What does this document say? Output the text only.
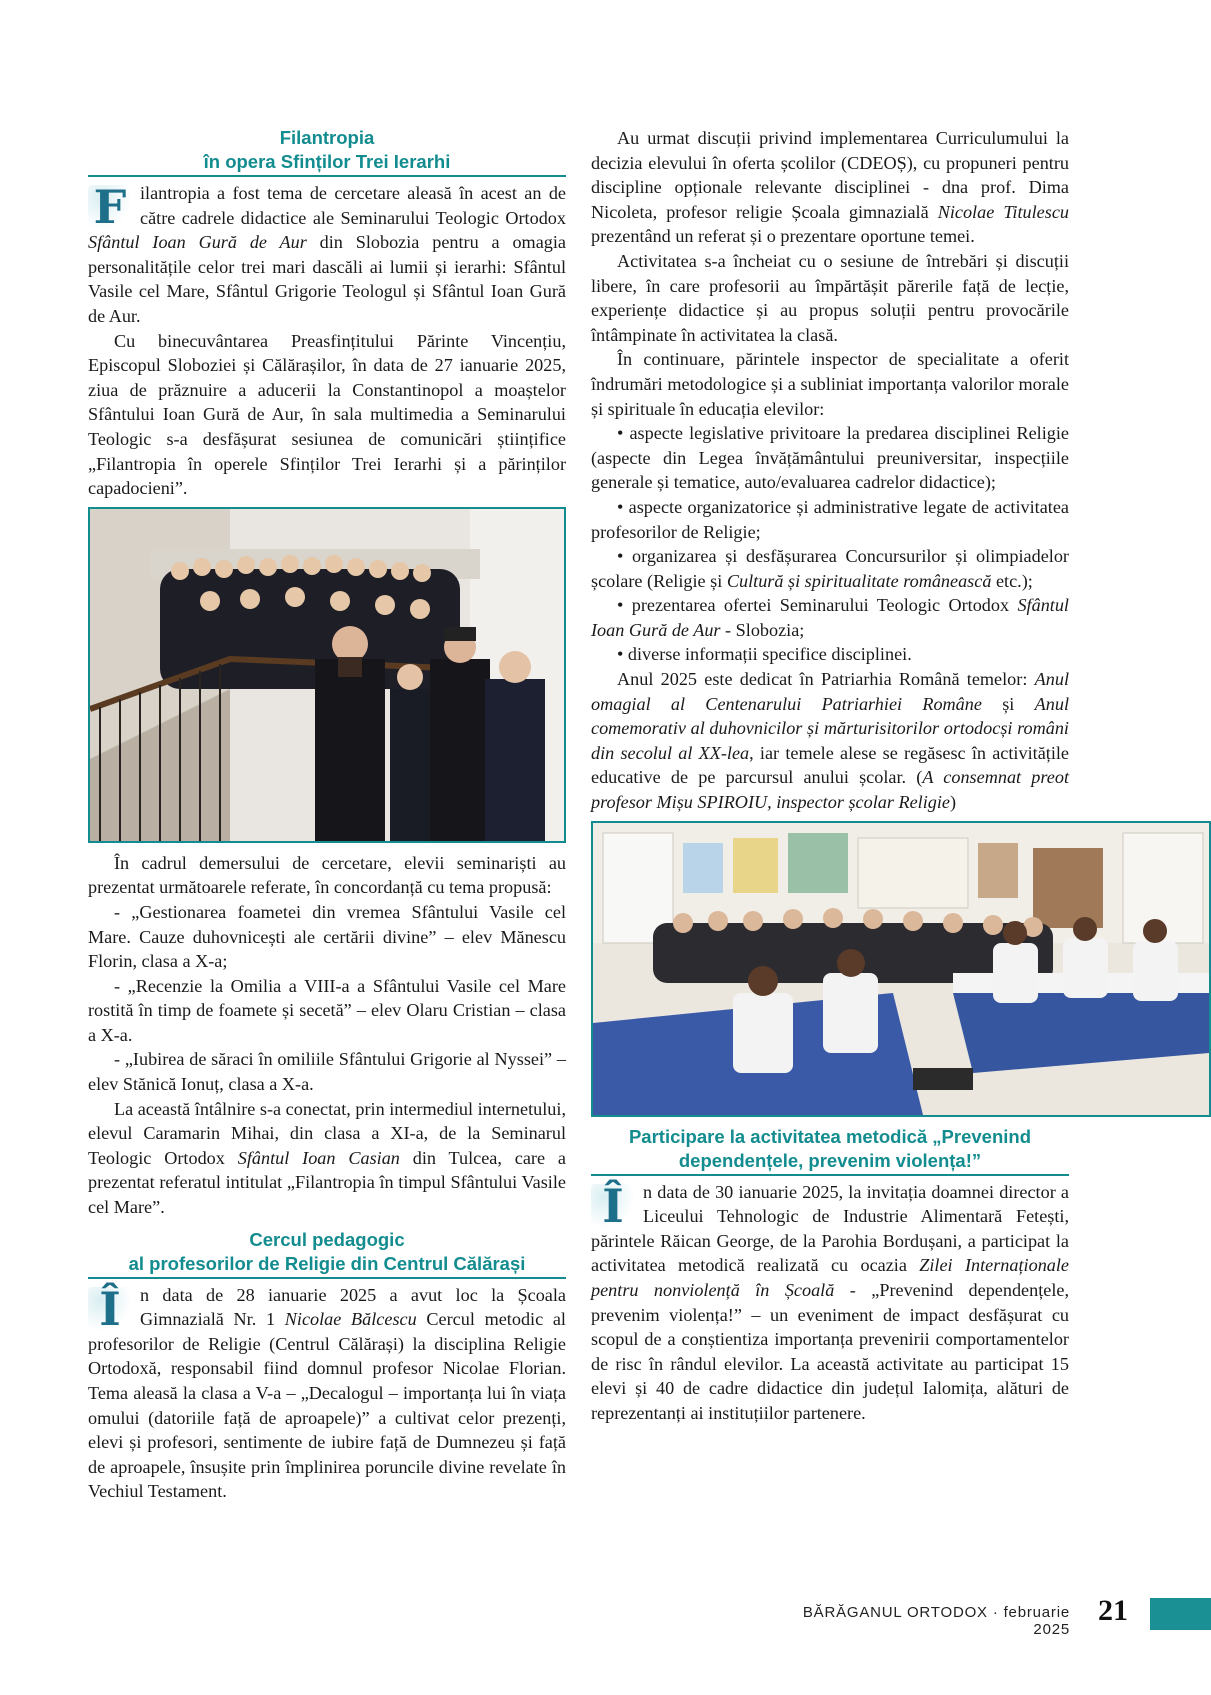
Filantropia
în opera Sfinților Trei Ierarhi

F ilantropia a fost tema de cercetare aleasă în acest an de către cadrele didactice ale Seminarului Teologic Ortodox Sfântul Ioan Gură de Aur din Slobozia pentru a omagia personalitățile celor trei mari dascăli ai lumii și ierarhi: Sfântul Vasile cel Mare, Sfântul Grigorie Teologul și Sfântul Ioan Gură de Aur.

Cu binecuvântarea Preasfințitului Părinte Vincențiu, Episcopul Sloboziei și Călărașilor, în data de 27 ianuarie 2025, ziua de prăznuire a aducerii la Constantinopol a moaștelor Sfântului Ioan Gură de Aur, în sala multimedia a Seminarului Teologic s-a desfășurat sesiunea de comunicări științifice „Filantropia în operele Sfinților Trei Ierarhi și a părinților capadocieni”.

În cadrul demersului de cercetare, elevii seminariști au prezentat următoarele referate, în concordanță cu tema propusă:

- „Gestionarea foametei din vremea Sfântului Vasile cel Mare. Cauze duhovnicești ale certării divine” – elev Mănescu Florin, clasa a X-a;

- „Recenzie la Omilia a VIII-a a Sfântului Vasile cel Mare rostită în timp de foamete și secetă” – elev Olaru Cristian – clasa a X-a.

- „Iubirea de săraci în omiliile Sfântului Grigorie al Nyssei” – elev Stănică Ionuț, clasa a X-a.

La această întâlnire s-a conectat, prin intermediul internetului, elevul Caramarin Mihai, din clasa a XI-a, de la Seminarul Teologic Ortodox Sfântul Ioan Casian din Tulcea, care a prezentat referatul intitulat „Filantropia în timpul Sfântului Vasile cel Mare”.

Cercul pedagogic
al profesorilor de Religie din Centrul Călărași

Î	n data de 28 ianuarie 2025 a avut loc la Școala Gimnazială Nr. 1 Nicolae Bălcescu Cercul metodic al profesorilor de Religie (Centrul Călărași) la disciplina Religie Ortodoxă, responsabil fiind domnul profesor Nicolae Florian. Tema aleasă la clasa a V-a – „Decalogul – importanța lui în viața omului (datoriile față de aproapele)” a cultivat celor prezenți, elevi și profesori, sentimente de iubire față de Dumnezeu și față de aproapele, însușite prin împlinirea poruncile divine revelate în Vechiul Testament.

Au urmat discuții privind implementarea Curriculumului la decizia elevului în oferta școlilor (CDEOȘ), cu propuneri pentru discipline opționale relevante disciplinei - dna prof. Dima Nicoleta, profesor religie Școala gimnazială Nicolae Titulescu prezentând un referat și o prezentare oportune temei.

Activitatea s-a încheiat cu o sesiune de întrebări și discuții libere, în care profesorii au împărtășit părerile față de lecție, experiențe didactice și au propus soluții pentru provocările întâmpinate în activitatea la clasă.

În continuare, părintele inspector de specialitate a oferit îndrumări metodologice și a subliniat importanța valorilor morale și spirituale în educația elevilor:

• aspecte legislative privitoare la predarea disciplinei Religie (aspecte din Legea învățământului preuniversitar, inspecțiile generale și tematice, auto/evaluarea cadrelor didactice);

• aspecte organizatorice și administrative legate de activitatea profesorilor de Religie;

• organizarea și desfășurarea Concursurilor și olimpiadelor școlare (Religie și Cultură și spiritualitate românească etc.);

• prezentarea ofertei Seminarului Teologic Ortodox Sfântul Ioan Gură de Aur - Slobozia;

• diverse informații specifice disciplinei.

Anul 2025 este dedicat în Patriarhia Română temelor: Anul omagial al Centenarului Patriarhiei Române și Anul comemorativ al duhovnicilor și mărturisitorilor ortodocși români din secolul al XX-lea, iar temele alese se regăsesc în activitățile educative de pe parcursul anului școlar. (A consemnat preot profesor Mișu SPIROIU, inspector școlar Religie)

Participare la activitatea metodică „Prevenind
dependențele, prevenim violența!”

Î	n data de 30 ianuarie 2025, la invitația doamnei director a Liceului Tehnologic de Industrie Alimentară Fetești, părintele Răican George, de la Parohia Bordușani, a participat la activitatea metodică realizată cu ocazia Zilei Internaționale pentru nonviolență în Școală - „Prevenind dependențele, prevenim violența!” – un eveniment de impact desfășurat cu scopul de a conștientiza importanța prevenirii comportamentelor de risc în rândul elevilor. La această activitate au participat 15 elevi și 40 de cadre didactice din județul Ialomița, alături de reprezentanți ai instituțiilor partenere.

BĂRĂGANUL ORTODOX · februarie 2025
21
